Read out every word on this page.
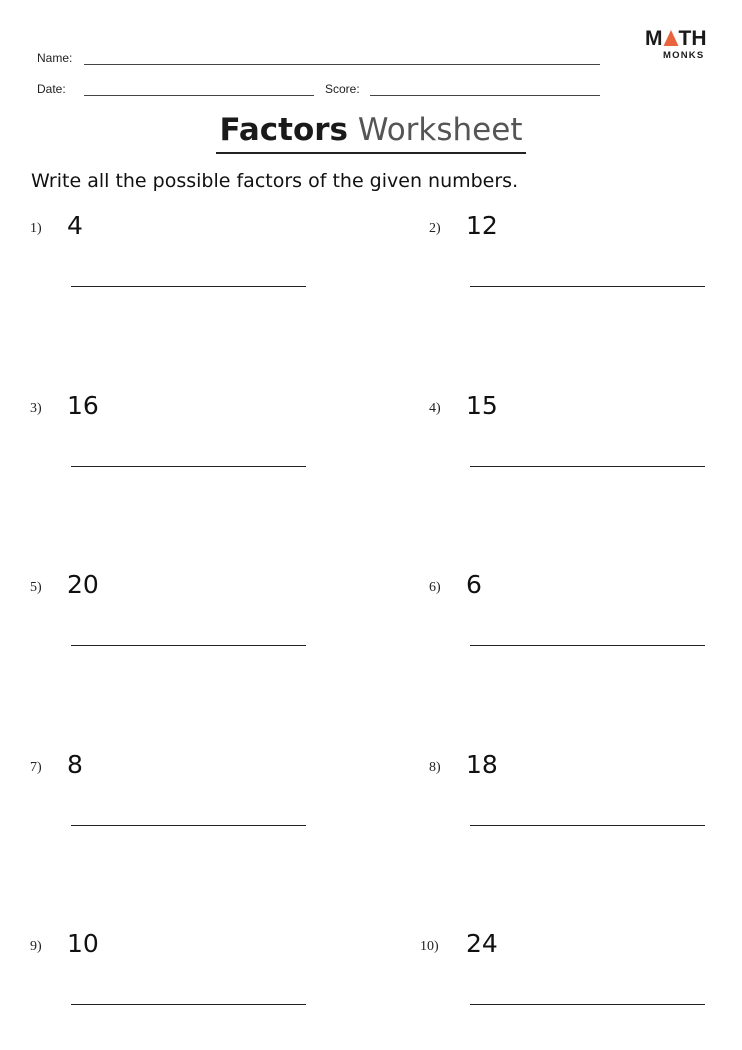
Name:
Date:	Score:
M TH
MONKS
Factors Worksheet
Write all the possible factors of the given numbers.
1) 4	2) 12
3) 16	4) 15
5) 20	6) 6
7) 8	8) 18
9) 10	10) 24
